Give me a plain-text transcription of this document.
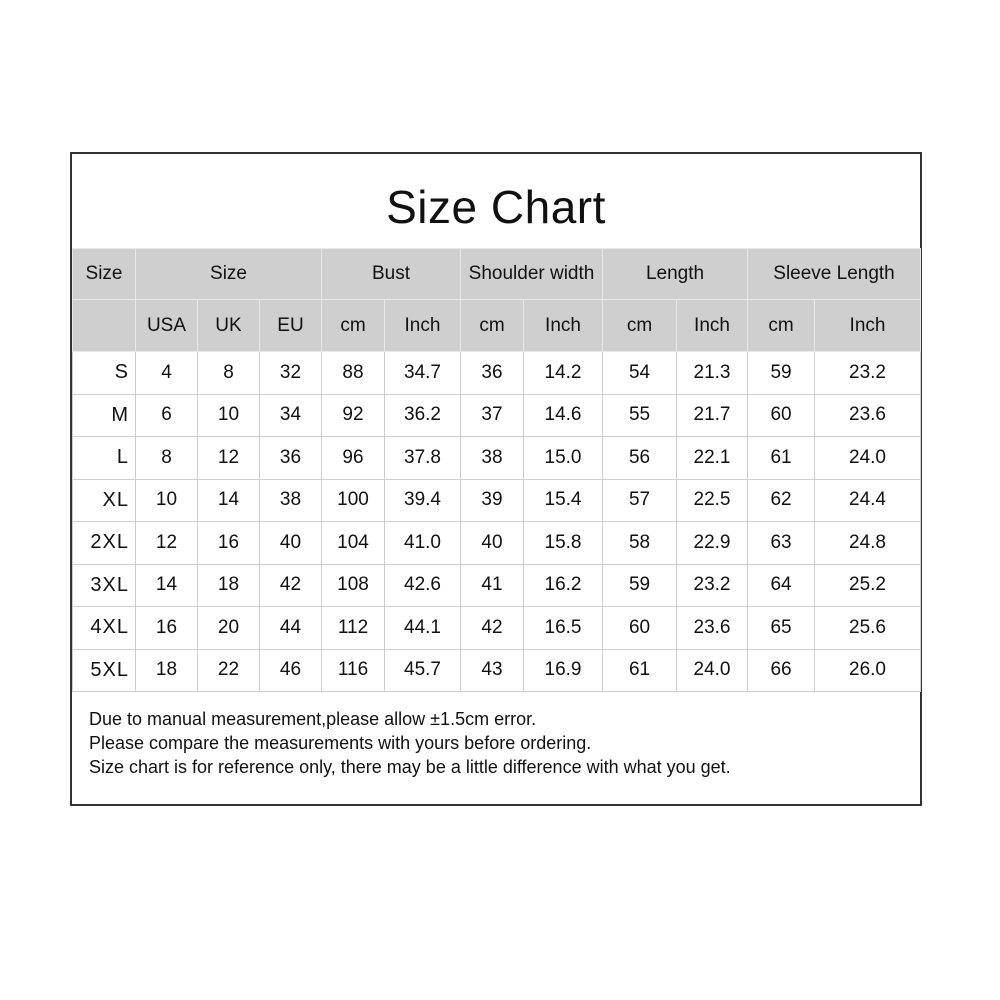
Size Chart
Size	Size			Bust		Shoulder width		Length		Sleeve Length	
	USA	UK	EU	cm	Inch	cm	Inch	cm	Inch	cm	Inch
S	4	8	32	88	34.7	36	14.2	54	21.3	59	23.2
M	6	10	34	92	36.2	37	14.6	55	21.7	60	23.6
L	8	12	36	96	37.8	38	15.0	56	22.1	61	24.0
XL	10	14	38	100	39.4	39	15.4	57	22.5	62	24.4
2XL	12	16	40	104	41.0	40	15.8	58	22.9	63	24.8
3XL	14	18	42	108	42.6	41	16.2	59	23.2	64	25.2
4XL	16	20	44	112	44.1	42	16.5	60	23.6	65	25.6
5XL	18	22	46	116	45.7	43	16.9	61	24.0	66	26.0
Due to manual measurement,please allow ±1.5cm error.
Please compare the measurements with yours before ordering.
Size chart is for reference only, there may be a little difference with what you get.
